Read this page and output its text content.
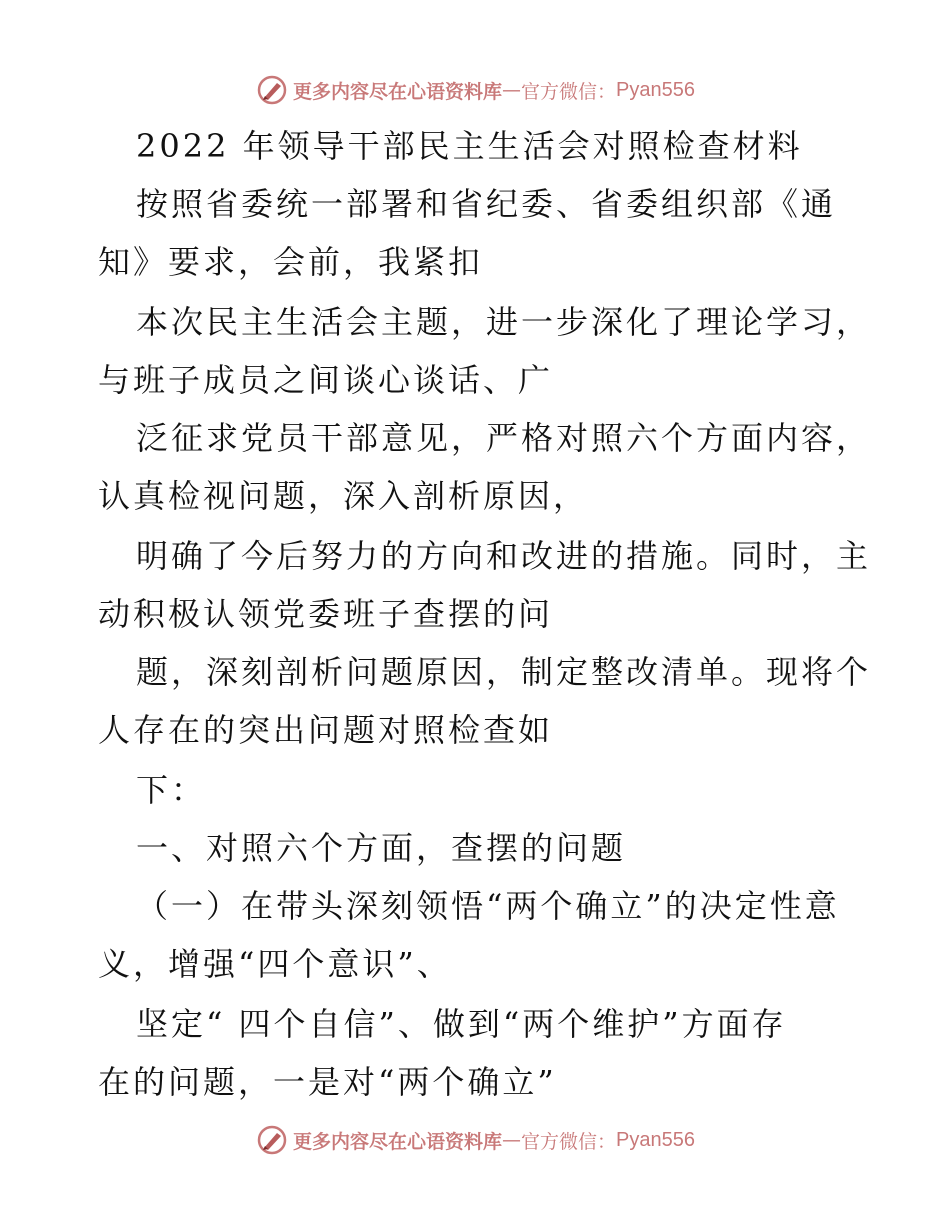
更多内容尽在心语资料库 — 官方微信： Pyan556
2022 年领导干部民主生活会对照检查材料
按照省委统一部署和省纪委、省委组织部《通
知》要求，会前，我紧扣
本次民主生活会主题，进一步深化了理论学习，
与班子成员之间谈心谈话、广
泛征求党员干部意见，严格对照六个方面内容，
认真检视问题，深入剖析原因，
明确了今后努力的方向和改进的措施。同时，主
动积极认领党委班子查摆的问
题，深刻剖析问题原因，制定整改清单。现将个
人存在的突出问题对照检查如
下：
一、对照六个方面，查摆的问题
（一）在带头深刻领悟“两个确立”的决定性意
义，增强“四个意识”、
坚定“ 四个自信”、做到“两个维护”方面存
在的问题，一是对“两个确立”
更多内容尽在心语资料库 — 官方微信： Pyan556
